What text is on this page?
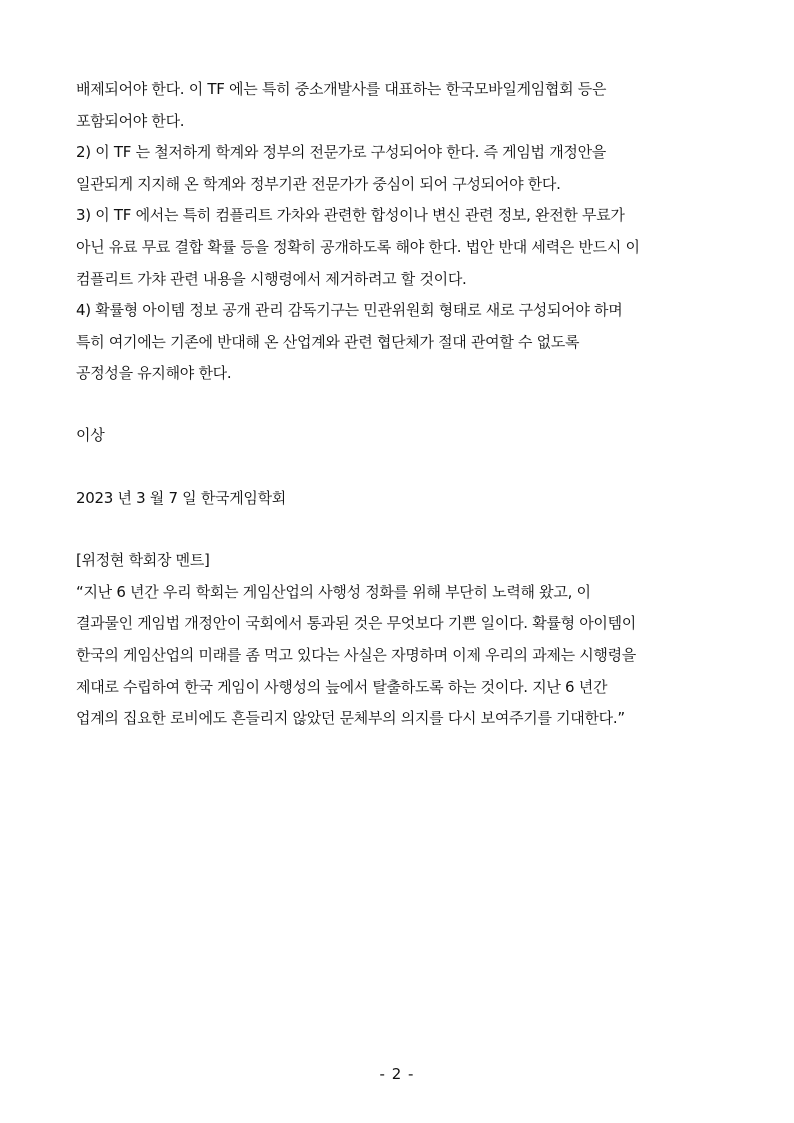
배제되어야 한다. 이 TF 에는 특히 중소개발사를 대표하는 한국모바일게임협회 등은
포함되어야 한다.
2) 이 TF 는 철저하게 학계와 정부의 전문가로 구성되어야 한다. 즉 게임법 개정안을
일관되게 지지해 온 학계와 정부기관 전문가가 중심이 되어 구성되어야 한다.
3) 이 TF 에서는 특히 컴플리트 가차와 관련한 합성이나 변신 관련 정보, 완전한 무료가
아닌 유료 무료 결합 확률 등을 정확히 공개하도록 해야 한다. 법안 반대 세력은 반드시 이
컴플리트 가챠 관련 내용을 시행령에서 제거하려고 할 것이다.
4) 확률형 아이템 정보 공개 관리 감독기구는 민관위원회 형태로 새로 구성되어야 하며
특히 여기에는 기존에 반대해 온 산업계와 관련 협단체가 절대 관여할 수 없도록
공정성을 유지해야 한다.
이상
2023 년 3 월 7 일 한국게임학회
[위정현 학회장 멘트]
“지난 6 년간 우리 학회는 게임산업의 사행성 정화를 위해 부단히 노력해 왔고, 이
결과물인 게임법 개정안이 국회에서 통과된 것은 무엇보다 기쁜 일이다. 확률형 아이템이
한국의 게임산업의 미래를 좀 먹고 있다는 사실은 자명하며 이제 우리의 과제는 시행령을
제대로 수립하여 한국 게임이 사행성의 늪에서 탈출하도록 하는 것이다. 지난 6 년간
업계의 집요한 로비에도 흔들리지 않았던 문체부의 의지를 다시 보여주기를 기대한다.”
- 2 -
